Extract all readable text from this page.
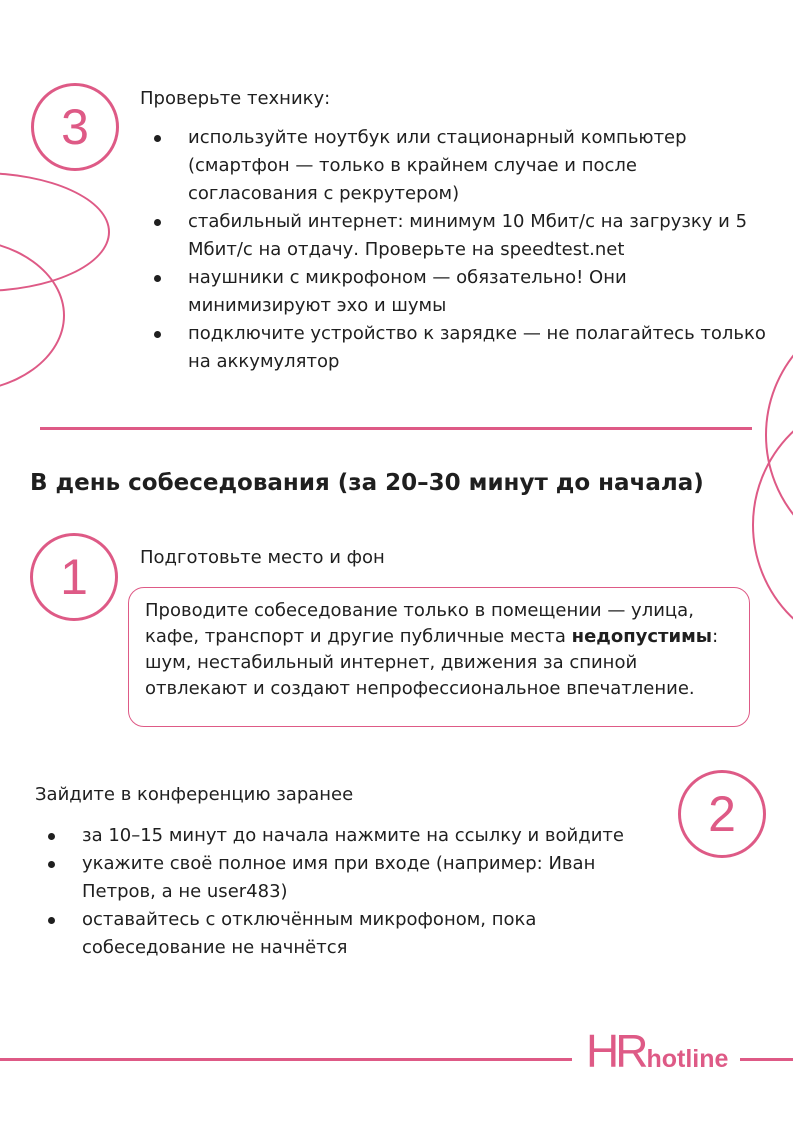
3
Проверьте технику:
используйте ноутбук или стационарный компьютер (смартфон — только в крайнем случае и после согласования с рекрутером)
стабильный интернет: минимум 10 Мбит/с на загрузку и 5 Мбит/с на отдачу. Проверьте на speedtest.net
наушники с микрофоном — обязательно! Они минимизируют эхо и шумы
подключите устройство к зарядке — не полагайтесь только на аккумулятор
В день собеседования (за 20–30 минут до начала)
1	Подготовьте место и фон
Проводите собеседование только в помещении — улица, кафе, транспорт и другие публичные места недопустимы: шум, нестабильный интернет, движения за спиной отвлекают и создают непрофессиональное впечатление.
Зайдите в конференцию заранее	2
за 10–15 минут до начала нажмите на ссылку и войдите
укажите своё полное имя при входе (например: Иван Петров, а не user483)
оставайтесь с отключённым микрофоном, пока собеседование не начнётся
HR hotline
